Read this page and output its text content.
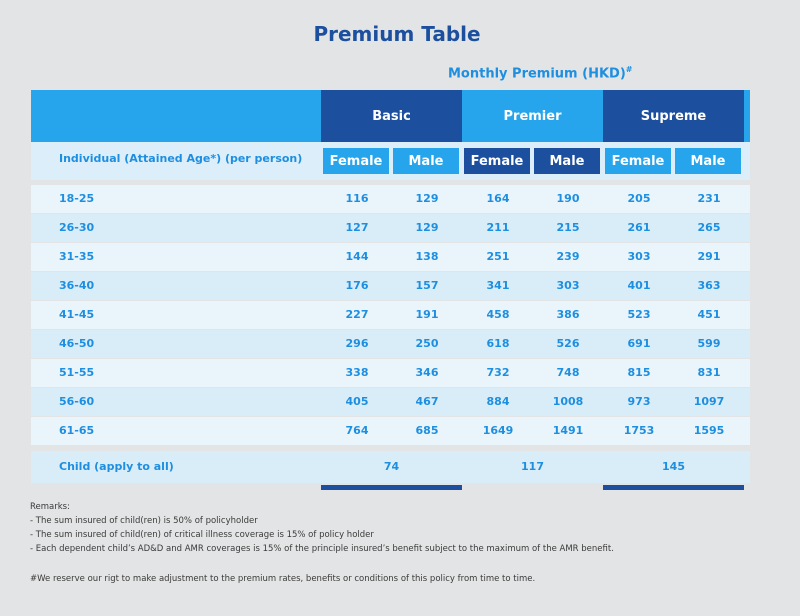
Premium Table
Monthly Premium (HKD)#
Basic	Premier	Supreme
Individual (Attained Age*) (per person)	Female	Male	Female	Male	Female	Male
18-25	116	129	164	190	205	231
26-30	127	129	211	215	261	265
31-35	144	138	251	239	303	291
36-40	176	157	341	303	401	363
41-45	227	191	458	386	523	451
46-50	296	250	618	526	691	599
51-55	338	346	732	748	815	831
56-60	405	467	884	1008	973	1097
61-65	764	685	1649	1491	1753	1595
Child (apply to all)	74	117	145
Remarks:
- The sum insured of child(ren) is 50% of policyholder
- The sum insured of child(ren) of critical illness coverage is 15% of policy holder
- Each dependent child’s AD&D and AMR coverages is 15% of the principle insured’s benefit subject to the maximum of the AMR benefit.
#We reserve our rigt to make adjustment to the premium rates, benefits or conditions of this policy from time to time.
